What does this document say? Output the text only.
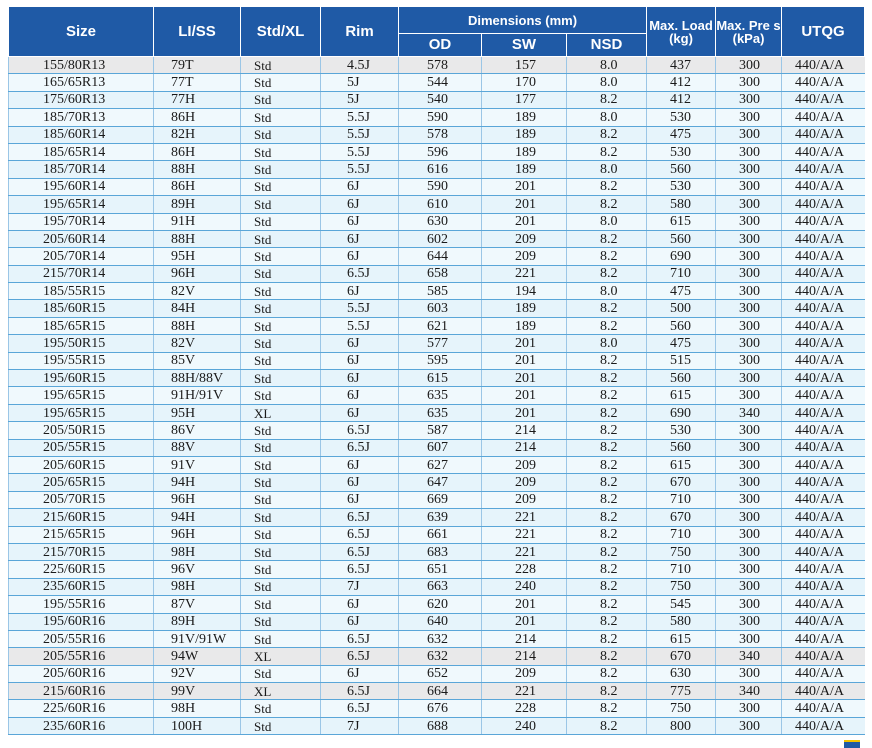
Size	LI/SS	Std/XL	Rim	Dimensions (mm)			Max. Load (kg)	Max. Pre s (kPa)	UTQG
				OD	SW	NSD			
155/80R13	79T	Std	4.5J	578	157	8.0	437	300	440/A/A
165/65R13	77T	Std	5J	544	170	8.0	412	300	440/A/A
175/60R13	77H	Std	5J	540	177	8.2	412	300	440/A/A
185/70R13	86H	Std	5.5J	590	189	8.0	530	300	440/A/A
185/60R14	82H	Std	5.5J	578	189	8.2	475	300	440/A/A
185/65R14	86H	Std	5.5J	596	189	8.2	530	300	440/A/A
185/70R14	88H	Std	5.5J	616	189	8.0	560	300	440/A/A
195/60R14	86H	Std	6J	590	201	8.2	530	300	440/A/A
195/65R14	89H	Std	6J	610	201	8.2	580	300	440/A/A
195/70R14	91H	Std	6J	630	201	8.0	615	300	440/A/A
205/60R14	88H	Std	6J	602	209	8.2	560	300	440/A/A
205/70R14	95H	Std	6J	644	209	8.2	690	300	440/A/A
215/70R14	96H	Std	6.5J	658	221	8.2	710	300	440/A/A
185/55R15	82V	Std	6J	585	194	8.0	475	300	440/A/A
185/60R15	84H	Std	5.5J	603	189	8.2	500	300	440/A/A
185/65R15	88H	Std	5.5J	621	189	8.2	560	300	440/A/A
195/50R15	82V	Std	6J	577	201	8.0	475	300	440/A/A
195/55R15	85V	Std	6J	595	201	8.2	515	300	440/A/A
195/60R15	88H/88V	Std	6J	615	201	8.2	560	300	440/A/A
195/65R15	91H/91V	Std	6J	635	201	8.2	615	300	440/A/A
195/65R15	95H	XL	6J	635	201	8.2	690	340	440/A/A
205/50R15	86V	Std	6.5J	587	214	8.2	530	300	440/A/A
205/55R15	88V	Std	6.5J	607	214	8.2	560	300	440/A/A
205/60R15	91V	Std	6J	627	209	8.2	615	300	440/A/A
205/65R15	94H	Std	6J	647	209	8.2	670	300	440/A/A
205/70R15	96H	Std	6J	669	209	8.2	710	300	440/A/A
215/60R15	94H	Std	6.5J	639	221	8.2	670	300	440/A/A
215/65R15	96H	Std	6.5J	661	221	8.2	710	300	440/A/A
215/70R15	98H	Std	6.5J	683	221	8.2	750	300	440/A/A
225/60R15	96V	Std	6.5J	651	228	8.2	710	300	440/A/A
235/60R15	98H	Std	7J	663	240	8.2	750	300	440/A/A
195/55R16	87V	Std	6J	620	201	8.2	545	300	440/A/A
195/60R16	89H	Std	6J	640	201	8.2	580	300	440/A/A
205/55R16	91V/91W	Std	6.5J	632	214	8.2	615	300	440/A/A
205/55R16	94W	XL	6.5J	632	214	8.2	670	340	440/A/A
205/60R16	92V	Std	6J	652	209	8.2	630	300	440/A/A
215/60R16	99V	XL	6.5J	664	221	8.2	775	340	440/A/A
225/60R16	98H	Std	6.5J	676	228	8.2	750	300	440/A/A
235/60R16	100H	Std	7J	688	240	8.2	800	300	440/A/A
